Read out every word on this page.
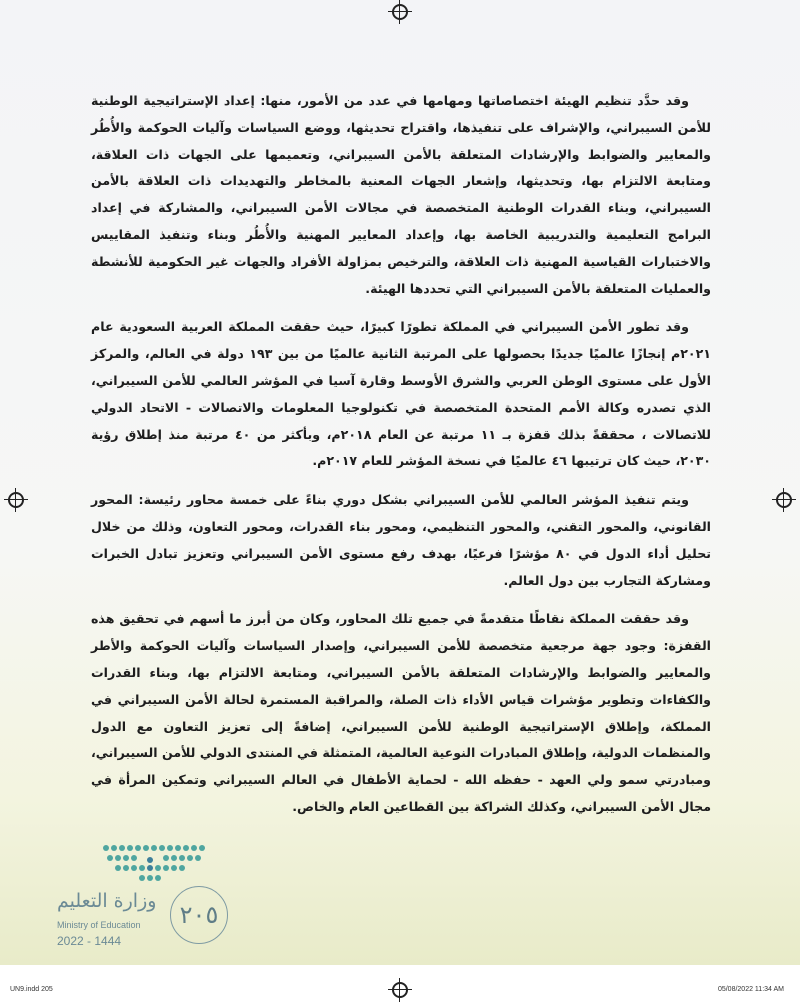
وقد حدَّد تنظيم الهيئة اختصاصاتها ومهامها في عدد من الأمور، منها: إعداد الإستراتيجية الوطنية للأمن السيبراني، والإشراف على تنفيذها، واقتراح تحديثها، ووضع السياسات وآليات الحوكمة والأُطُر والمعايير والضوابط والإرشادات المتعلقة بالأمن السيبراني، وتعميمها على الجهات ذات العلاقة، ومتابعة الالتزام بها، وتحديثها، وإشعار الجهات المعنية بالمخاطر والتهديدات ذات العلاقة بالأمن السيبراني، وبناء القدرات الوطنية المتخصصة في مجالات الأمن السيبراني، والمشاركة في إعداد البرامج التعليمية والتدريبية الخاصة بها، وإعداد المعايير المهنية والأُطُر وبناء وتنفيذ المقاييس والاختبارات القياسية المهنية ذات العلاقة، والترخيص بمزاولة الأفراد والجهات غير الحكومية للأنشطة والعمليات المتعلقة بالأمن السيبراني التي تحددها الهيئة.

وقد تطور الأمن السيبراني في المملكة تطورًا كبيرًا، حيث حققت المملكة العربية السعودية عام ٢٠٢١م إنجازًا عالميًا جديدًا بحصولها على المرتبة الثانية عالميًا من بين ١٩٣ دولة في العالم، والمركز الأول على مستوى الوطن العربي والشرق الأوسط وقارة آسيا في المؤشر العالمي للأمن السيبراني، الذي تصدره وكالة الأمم المتحدة المتخصصة في تكنولوجيا المعلومات والاتصالات - الاتحاد الدولي للاتصالات ، محققةً بذلك قفزة بـ ١١ مرتبة عن العام ٢٠١٨م، وبأكثر من ٤٠ مرتبة منذ إطلاق رؤية ٢٠٣٠، حيث كان ترتيبها ٤٦ عالميًا في نسخة المؤشر للعام ٢٠١٧م.

ويتم تنفيذ المؤشر العالمي للأمن السيبراني بشكل دوري بناءً على خمسة محاور رئيسة: المحور القانوني، والمحور التقني، والمحور التنظيمي، ومحور بناء القدرات، ومحور التعاون، وذلك من خلال تحليل أداء الدول في ٨٠ مؤشرًا فرعيًا، بهدف رفع مستوى الأمن السيبراني وتعزيز تبادل الخبرات ومشاركة التجارب بين دول العالم.

وقد حققت المملكة نقاطًا متقدمةً في جميع تلك المحاور، وكان من أبرز ما أسهم في تحقيق هذه القفزة: وجود جهة مرجعية متخصصة للأمن السيبراني، وإصدار السياسات وآليات الحوكمة والأطر والمعايير والضوابط والإرشادات المتعلقة بالأمن السيبراني، ومتابعة الالتزام بها، وبناء القدرات والكفاءات وتطوير مؤشرات قياس الأداء ذات الصلة، والمراقبة المستمرة لحالة الأمن السيبراني في المملكة، وإطلاق الإستراتيجية الوطنية للأمن السيبراني، إضافةً إلى تعزيز التعاون مع الدول والمنظمات الدولية، وإطلاق المبادرات النوعية العالمية، المتمثلة في المنتدى الدولي للأمن السيبراني، ومبادرتي سمو ولي العهد - حفظه الله - لحماية الأطفال في العالم السيبراني وتمكين المرأة في مجال الأمن السيبراني، وكذلك الشراكة بين القطاعين العام والخاص.

وزارة التعليم
Ministry of Education
2022 - 1444
٢٠٥
UN9.indd 205	05/08/2022 11:34 AM
